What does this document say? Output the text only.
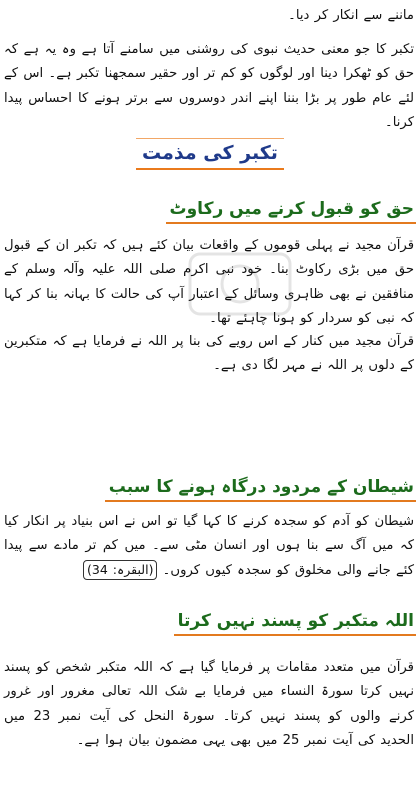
ماننے سے انکار کر دیا۔

تکبر کا جو معنی حدیث نبوی کی روشنی میں سامنے آتا ہے وہ یہ ہے کہ حق کو ٹھکرا دینا اور لوگوں کو کم تر اور حقیر سمجھنا تکبر ہے۔ اس کے لئے عام طور پر بڑا بننا اپنے اندر دوسروں سے برتر ہونے کا احساس پیدا کرنا۔

تکبر کی مذمت
حق کو قبول کرنے میں رکاوٹ

قرآن مجید نے پہلی قوموں کے واقعات بیان کئے ہیں کہ تکبر ان کے قبول حق میں بڑی رکاوٹ بنا۔ خود نبی اکرم صلی اللہ علیہ وآلہ وسلم کے منافقین نے بھی ظاہری وسائل کے اعتبار آپ کی حالت کا بہانہ بنا کر کہا کہ نبی کو سردار کو ہونا چاہئے تھا۔

قرآن مجید میں کنار کے اس رویے کی بنا پر اللہ نے فرمایا ہے کہ متکبرین کے دلوں پر اللہ نے مہر لگا دی ہے۔

شیطان کے مردود درگاہ ہونے کا سبب

شیطان کو آدم کو سجدہ کرنے کا کہا گیا تو اس نے اس بنیاد پر انکار کیا کہ میں آگ سے بنا ہوں اور انسان مٹی سے۔ میں کم تر مادے سے پیدا کئے جانے والی مخلوق کو سجدہ کیوں کروں۔ (البقرہ: 34)

اللہ متکبر کو پسند نہیں کرتا

قرآن میں متعدد مقامات پر فرمایا گیا ہے کہ اللہ متکبر شخص کو پسند نہیں کرتا سورۃ النساء میں فرمایا بے شک اللہ تعالی مغرور اور غرور کرنے والوں کو پسند نہیں کرتا۔ سورۃ النحل کی آیت نمبر 23 میں الحدید کی آیت نمبر 25 میں بھی یہی مضمون بیان ہوا ہے۔
